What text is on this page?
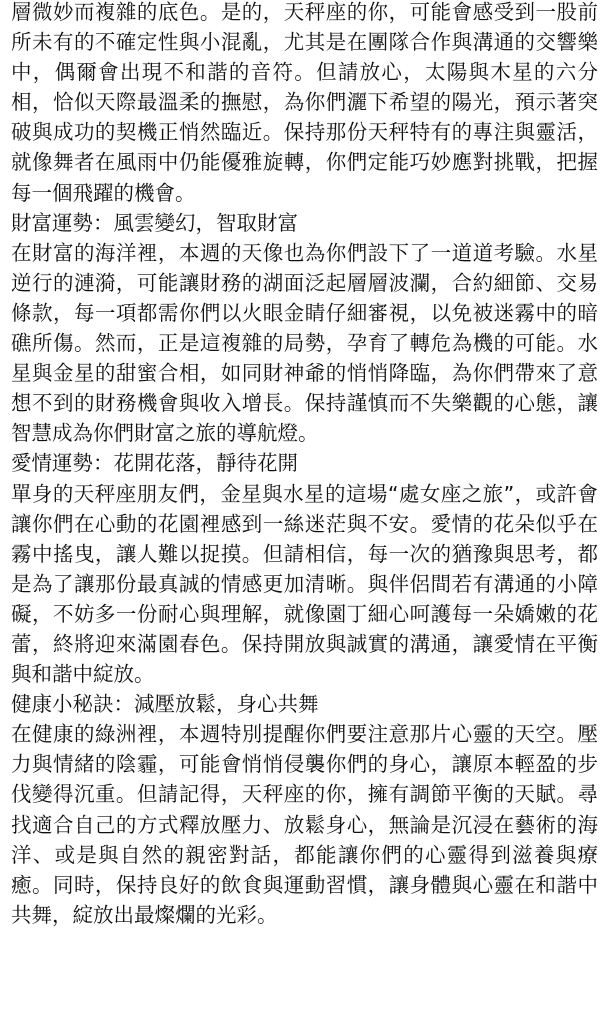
層微妙而複雜的底色。是的，天秤座的你，可能會感受到一股前所未有的不確定性與小混亂，尤其是在團隊合作與溝通的交響樂中，偶爾會出現不和諧的音符。但請放心，太陽與木星的六分相，恰似天際最溫柔的撫慰，為你們灑下希望的陽光，預示著突破與成功的契機正悄然臨近。保持那份天秤特有的專注與靈活，就像舞者在風雨中仍能優雅旋轉，你們定能巧妙應對挑戰，把握每一個飛躍的機會。

財富運勢：風雲變幻，智取財富

在財富的海洋裡，本週的天像也為你們設下了一道道考驗。水星逆行的漣漪，可能讓財務的湖面泛起層層波瀾，合約細節、交易條款，每一項都需你們以火眼金睛仔細審視，以免被迷霧中的暗礁所傷。然而，正是這複雜的局勢，孕育了轉危為機的可能。水星與金星的甜蜜合相，如同財神爺的悄悄降臨，為你們帶來了意想不到的財務機會與收入增長。保持謹慎而不失樂觀的心態，讓智慧成為你們財富之旅的導航燈。

愛情運勢：花開花落，靜待花開

單身的天秤座朋友們，金星與水星的這場“處女座之旅”，或許會讓你們在心動的花園裡感到一絲迷茫與不安。愛情的花朵似乎在霧中搖曳，讓人難以捉摸。但請相信，每一次的猶豫與思考，都是為了讓那份最真誠的情感更加清晰。與伴侶間若有溝通的小障礙，不妨多一份耐心與理解，就像園丁細心呵護每一朵嬌嫩的花蕾，終將迎來滿園春色。保持開放與誠實的溝通，讓愛情在平衡與和諧中綻放。

健康小秘訣：減壓放鬆，身心共舞

在健康的綠洲裡，本週特別提醒你們要注意那片心靈的天空。壓力與情緒的陰霾，可能會悄悄侵襲你們的身心，讓原本輕盈的步伐變得沉重。但請記得，天秤座的你，擁有調節平衡的天賦。尋找適合自己的方式釋放壓力、放鬆身心，無論是沉浸在藝術的海洋、或是與自然的親密對話，都能讓你們的心靈得到滋養與療癒。同時，保持良好的飲食與運動習慣，讓身體與心靈在和諧中共舞，綻放出最燦爛的光彩。
